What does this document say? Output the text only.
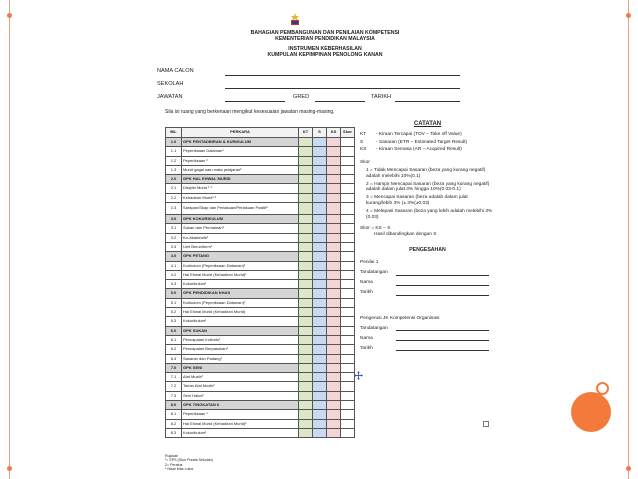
BAHAGIAN PEMBANGUNAN DAN PENILAIAN KOMPETENSI
KEMENTERIAN PENDIDIKAN MALAYSIA
INSTRUMEN KEBERHASILAN
KUMPULAN KEPIMPINAN PENOLONG KANAN
NAMA CALON
SEKOLAH
JAWATAN	GRED	TARIKH
Sila isi ruang yang berkenaan mengikut kesesuaian jawatan masing-masing.
BIL	PERKARA	KT	S	KS	Skor
1.0	GPK PENTADBIRAN & KURIKULUM				
1.1	Peperiksaan Dalaman¹				
1.2	Peperiksaan ²				
1.3	Murid gagal satu mata pelajaran²				
2.0	GPK HAL EHWAL MURID				
2.1	Disiplin Murid ¹ ²				
2.2	Kehadiran Murid¹ ²				
2.3	Sarapan/Skap dan Perlakuan/Perlakuan Positif¹				
3.0	GPK KOKURIKULUM				
3.1	Sukan dan Permainan¹				
3.2	Ko-Akademik¹				
3.3	Unit Beruniform¹				
4.0	GPK PETANG				
4.1	Kurikulum (Peperiksaan Dalaman)¹				
4.2	Hal Ehwal Murid (Kehadiran Murid)¹				
4.3	Kokurikulum¹				
5.0	GPK PENDIDIKAN KHAS				
5.1	Kurikulum (Peperiksaan Dalaman)¹				
5.2	Hal Ehwal Murid (Kehadiran Murid)				
5.3	Kokurikulum¹				
6.0	GPK SUKAN				
6.1	Pencapaian Individu¹				
6.2	Pencapaian Berpasukan¹				
6.3	Sasaran dan Padang¹				
7.0	GPK SENI				
7.1	Alat Muzik²				
7.2	Tarian Alat Muzik²				
7.3	Seni Halus²				
8.0	GPK TINGKATAN 6				
8.1	Peperiksaan ¹				
8.2	Hal Ehwal Murid (Kehadiran Murid)²				
8.3	Kokurikulum¹				
CATATAN
KT	- Kiraan Tercapai (TOV – Take off Value)
S	- Sasaran (ETR – Estimated Target Result)
KS	- Kiraan Semasa (AR – Acquired Result)
Skor
1 = Tidak Mencapai Sasaran (beza yang kurang negatif) adalah melebihi 10%(0.1)
2 = Hampir Mencapai Sasaran (beza yang kurang negatif) adalah dalam julat 3% hingga 10%(0.03-0.1)
3 = Mencapai Sasaran (beza adalah dalam julat kurang/lebih 3% (± 3%(±0.03)
4 = Melepasi Sasaran (beza yang lebih adalah melebihi 3%(0.03)
Skor = KS − S
Hasil dibandingkan dengan S
PENGESAHAN
Penilai 1
Tandatangan
Nama
Tarikh
Pengerusi JK Kompetensi Organisasi
Tandatangan
Nama
Tarikh
Rujukan
¹= SPS (Skor Purata Sekolah)
2= Peratus
* Nisar Mas Lulus
